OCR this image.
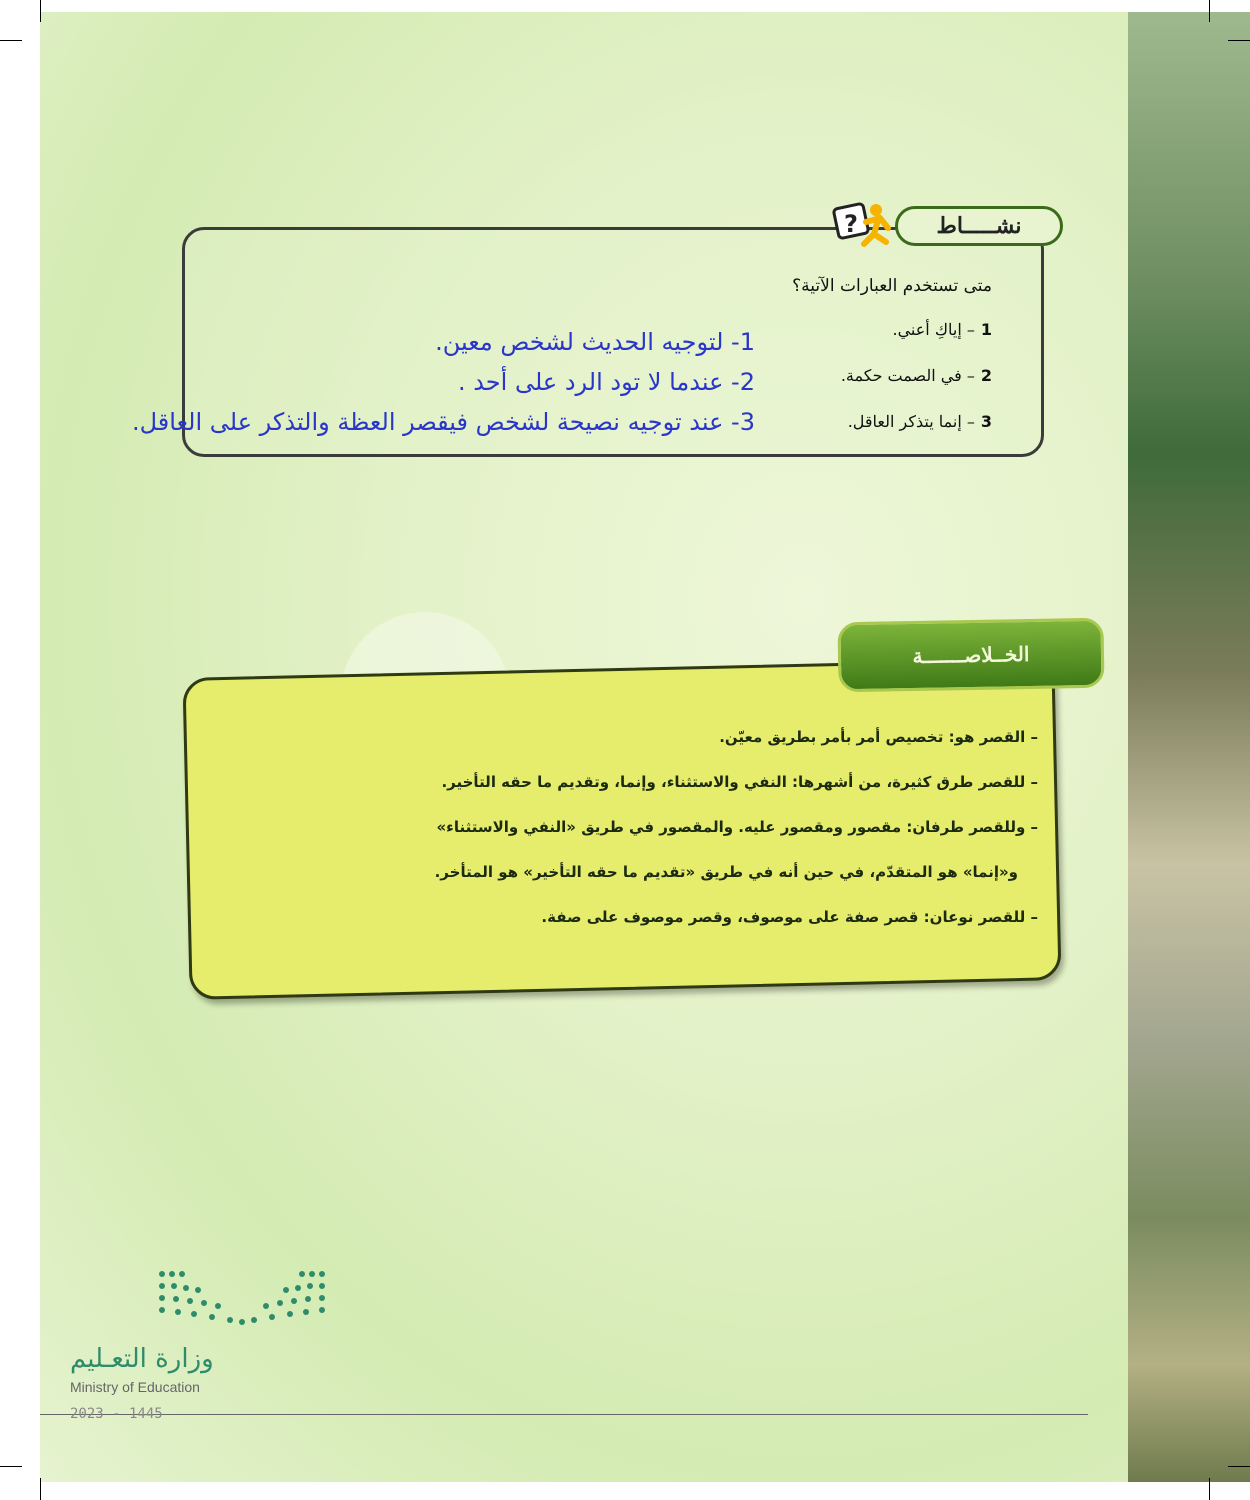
?	نشـــــاط
متى تستخدم العبارات الآتية؟
1– إياكِ أعني.
2– في الصمت حكمة.
3– إنما يتذكر العاقل.
1- لتوجيه الحديث لشخص معين.
2- عندما لا تود الرد على أحد .
3- عند توجيه نصيحة لشخص فيقصر العظة والتذكر على العاقل.
الخــلاصـــــــة
– القصر هو: تخصيص أمر بأمر بطريق معيّن.
– للقصر طرق كثيرة، من أشهرها: النفي والاستثناء، وإنما، وتقديم ما حقه التأخير.
– وللقصر طرفان: مقصور ومقصور عليه. والمقصور في طريق «النفي والاستثناء»
و«إنما» هو المتقدّم، في حين أنه في طريق «تقديم ما حقه التأخير» هو المتأخر.
– للقصر نوعان: قصر صفة على موصوف، وقصر موصوف على صفة.
وزارة التعـليم
Ministry of Education
2023 - 1445
